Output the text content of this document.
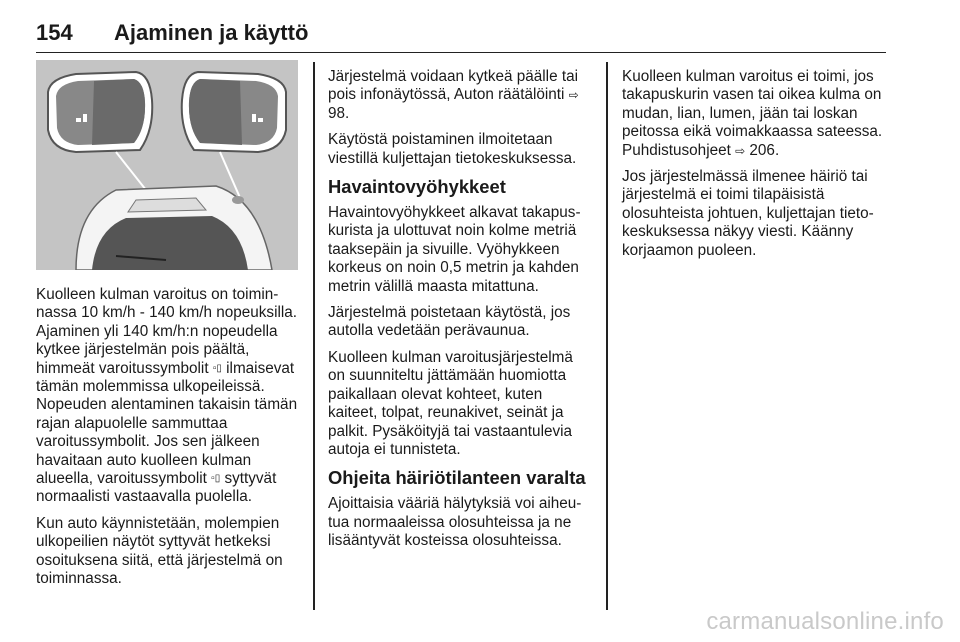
154 Ajaminen ja käyttö

Kuolleen kulman varoitus on toiminnassa 10 km/h - 140 km/h nopeuksilla. Ajaminen yli 140 km/h:n nopeudella kytkee järjestelmän pois päältä, himmeät varoitussymbolit ▫▯ ilmaisevat tämän molemmissa ulkopeileissä. Nopeuden alentaminen takaisin tämän rajan alapuolelle sammuttaa varoitussymbolit. Jos sen jälkeen havaitaan auto kuolleen kulman alueella, varoitussymbolit ▫▯ syttyvät normaalisti vastaavalla puolella.

Kun auto käynnistetään, molempien ulkopeilien näytöt syttyvät hetkeksi osoituksena siitä, että järjestelmä on toiminnassa.

Järjestelmä voidaan kytkeä päälle tai pois infonäytössä, Auton räätälöinti ⇨ 98.

Käytöstä poistaminen ilmoitetaan viestillä kuljettajan tietokeskuksessa.

Havaintovyöhykkeet

Havaintovyöhykkeet alkavat takapuskurista ja ulottuvat noin kolme metriä taaksepäin ja sivuille. Vyöhykkeen korkeus on noin 0,5 metrin ja kahden metrin välillä maasta mitattuna.

Järjestelmä poistetaan käytöstä, jos autolla vedetään perävaunua.

Kuolleen kulman varoitusjärjestelmä on suunniteltu jättämään huomiotta paikallaan olevat kohteet, kuten kaiteet, tolpat, reunakivet, seinät ja palkit. Pysäköityjä tai vastaantulevia autoja ei tunnisteta.

Ohjeita häiriötilanteen varalta

Ajoittaisia vääriä hälytyksiä voi aiheutua normaaleissa olosuhteissa ja ne lisääntyvät kosteissa olosuhteissa.

Kuolleen kulman varoitus ei toimi, jos takapuskurin vasen tai oikea kulma on mudan, lian, lumen, jään tai loskan peitossa eikä voimakkaassa sateessa. Puhdistusohjeet ⇨ 206.

Jos järjestelmässä ilmenee häiriö tai järjestelmä ei toimi tilapäisistä olosuhteista johtuen, kuljettajan tietokeskuksessa näkyy viesti. Käänny korjaamon puoleen.

carmanualsonline.info
